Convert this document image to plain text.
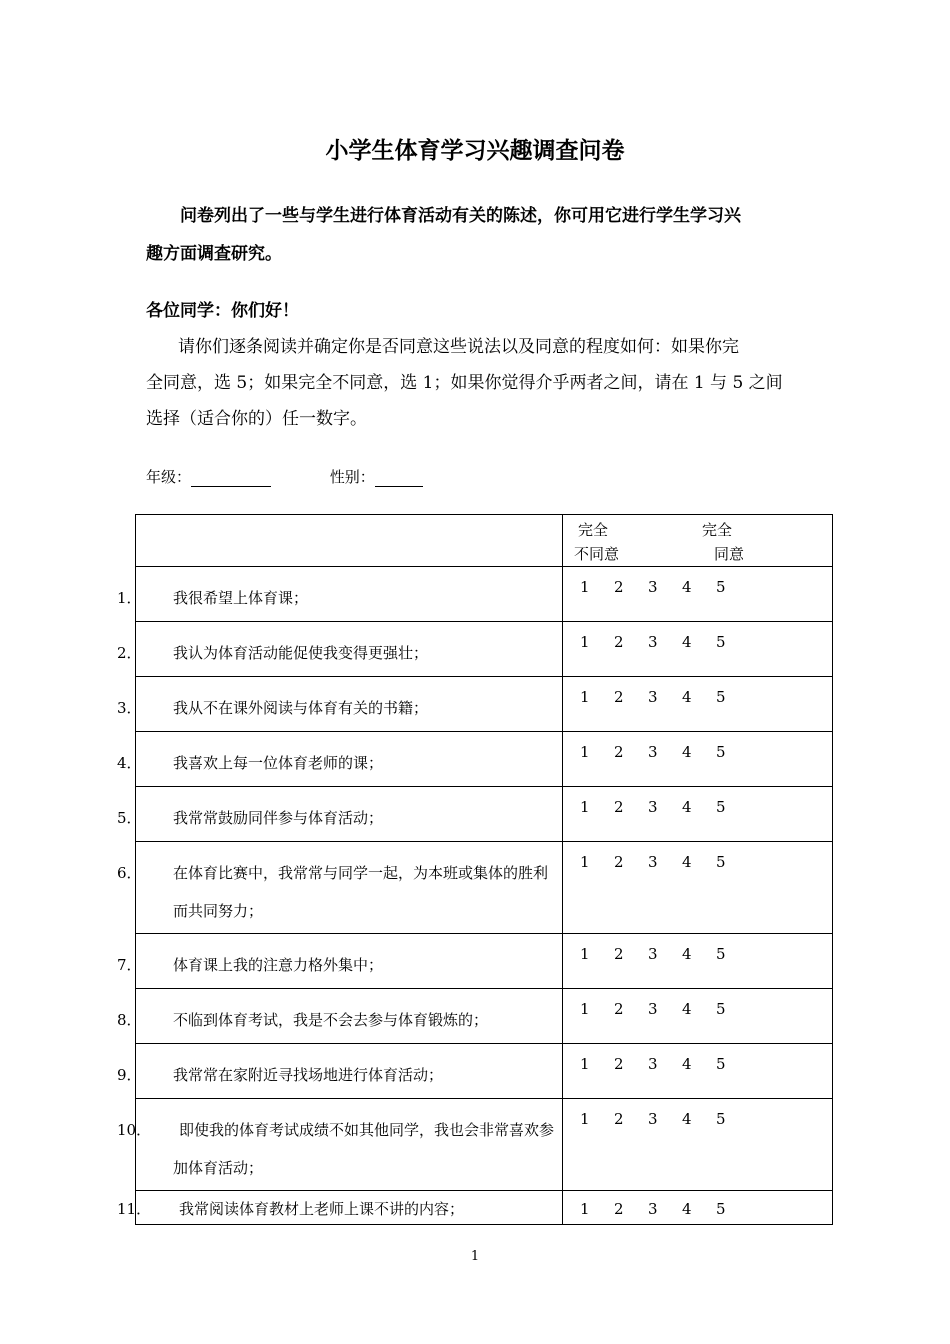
小学生体育学习兴趣调查问卷
问卷列出了一些与学生进行体育活动有关的陈述，你可用它进行学生学习兴
趣方面调查研究。
各位同学：你们好！
请你们逐条阅读并确定你是否同意这些说法以及同意的程度如何：如果你完
全同意，选 5；如果完全不同意，选 1；如果你觉得介乎两者之间，请在 1 与 5 之间
选择（适合你的）任一数字。
年级：	性别：

	完全 完全
不同意 同意

1． 我很希望上体育课；	1 2 3 4 5

2． 我认为体育活动能促使我变得更强壮；	1 2 3 4 5

3． 我从不在课外阅读与体育有关的书籍；	1 2 3 4 5

4． 我喜欢上每一位体育老师的课；	1 2 3 4 5

5． 我常常鼓励同伴参与体育活动；	1 2 3 4 5

6． 在体育比赛中，我常常与同学一起，为本班或集体的胜利而共同努力；	1 2 3 4 5

7． 体育课上我的注意力格外集中；	1 2 3 4 5

8． 不临到体育考试，我是不会去参与体育锻炼的；	1 2 3 4 5

9． 我常常在家附近寻找场地进行体育活动；	1 2 3 4 5

10． 即使我的体育考试成绩不如其他同学，我也会非常喜欢参加体育活动；	1 2 3 4 5

11． 我常阅读体育教材上老师上课不讲的内容；	1 2 3 4 5
1
